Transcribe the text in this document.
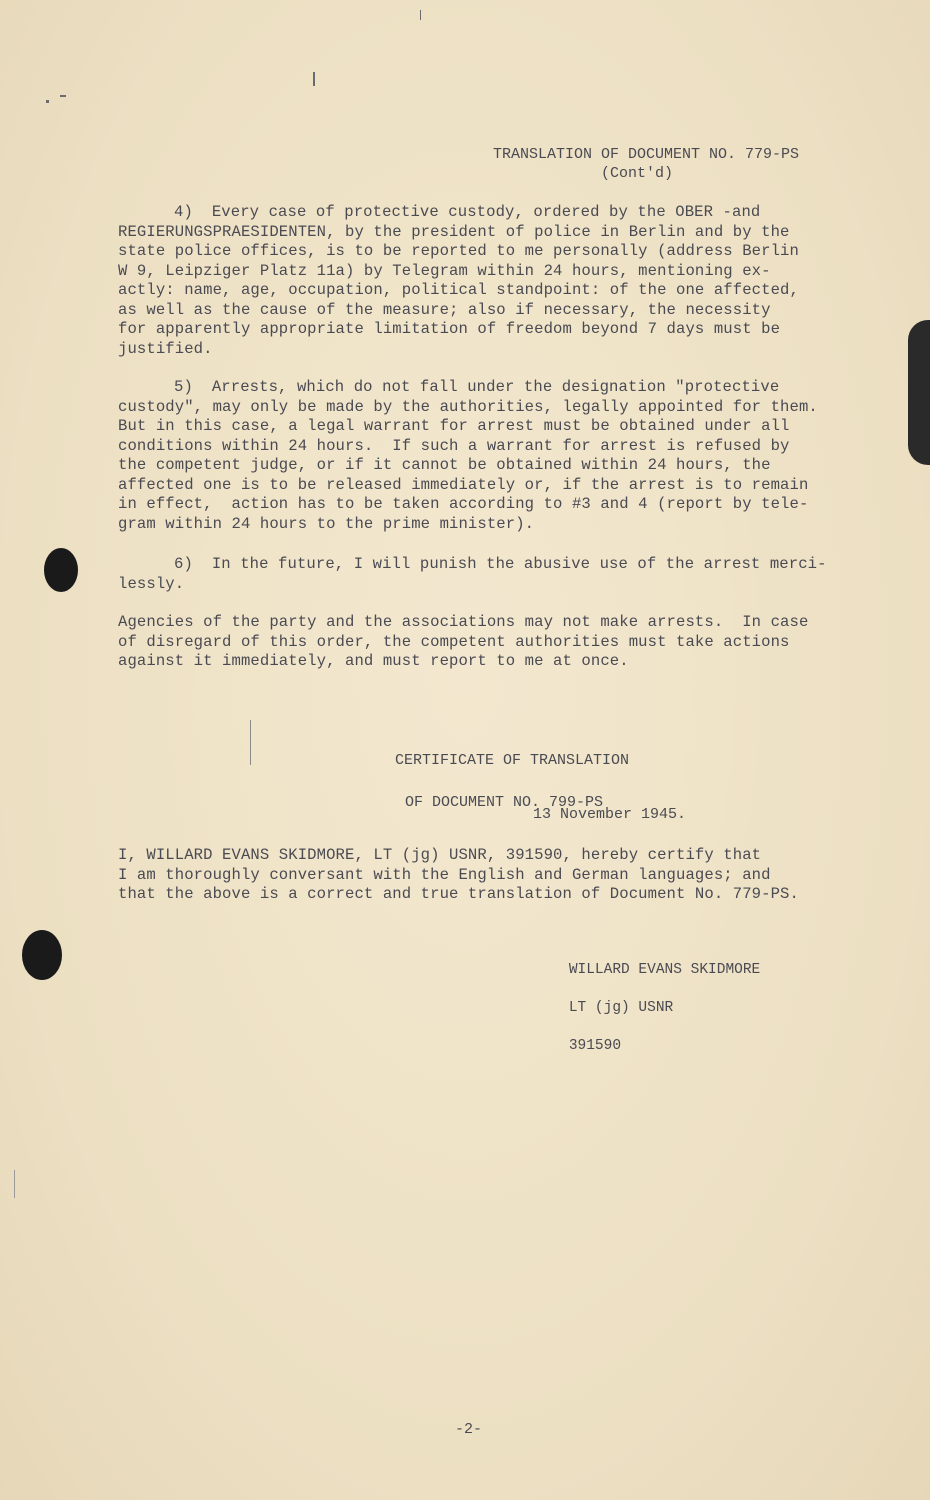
TRANSLATION OF DOCUMENT NO. 779-PS
(Cont'd)
4)  Every case of protective custody, ordered by the OBER -and
REGIERUNGSPRAESIDENTEN, by the president of police in Berlin and by the
state police offices, is to be reported to me personally (address Berlin
W 9, Leipziger Platz 11a) by Telegram within 24 hours, mentioning ex-
actly: name, age, occupation, political standpoint: of the one affected,
as well as the cause of the measure; also if necessary, the necessity
for apparently appropriate limitation of freedom beyond 7 days must be
justified.
5)  Arrests, which do not fall under the designation "protective
custody", may only be made by the authorities, legally appointed for them.
But in this case, a legal warrant for arrest must be obtained under all
conditions within 24 hours.  If such a warrant for arrest is refused by
the competent judge, or if it cannot be obtained within 24 hours, the
affected one is to be released immediately or, if the arrest is to remain
in effect,  action has to be taken according to #3 and 4 (report by tele-
gram within 24 hours to the prime minister).
6)  In the future, I will punish the abusive use of the arrest merci-
lessly.
Agencies of the party and the associations may not make arrests.  In case
of disregard of this order, the competent authorities must take actions
against it immediately, and must report to me at once.

CERTIFICATE OF TRANSLATION

OF DOCUMENT NO. 799-PS

13 November 1945.
I, WILLARD EVANS SKIDMORE, LT (jg) USNR, 391590, hereby certify that
I am thoroughly conversant with the English and German languages; and
that the above is a correct and true translation of Document No. 779-PS.

WILLARD EVANS SKIDMORE

LT (jg) USNR

391590

-2-
